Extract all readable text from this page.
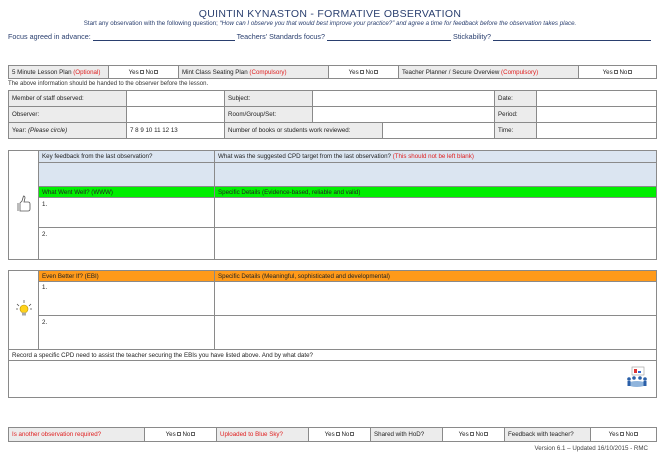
QUINTIN KYNASTON - FORMATIVE OBSERVATION
Start any observation with the following question; “How can I observe you that would best improve your practice?” and agree a time for feedback before the observation takes place.
Focus agreed in advance:	Teachers’ Standards focus?	Stickability?
5 Minute Lesson Plan (Optional)	Yes No	Mint Class Seating Plan (Compulsory)	Yes No	Teacher Planner / Secure Overview (Compulsory)	Yes No
The above information should be handed to the observer before the lesson.
Member of staff observed:		Subject:			Date:	
Observer:		Room/Group/Set:			Period:	
Year: (Please circle)	7 8 9 10 11 12 13	Number of books or students work reviewed:			Time:	
	Key feedback from the last observation?	What was the suggested CPD target from the last observation? (This should not be left blank)

	What Went Well? (WWW)	Specific Details (Evidence-based, reliable and valid)
	1.	
	2.	
	Even Better If? (EBI)	Specific Details (Meaningful, sophisticated and developmental)
	1.	
	2.	
Record a specific CPD need to assist the teacher securing the EBIs you have listed above. And by what date?		

Is another observation required?	Yes No	Uploaded to Blue Sky?	Yes No	Shared with HoD?	Yes No	Feedback with teacher?	Yes No
Version 6.1 – Updated 16/10/2015 - RMC
